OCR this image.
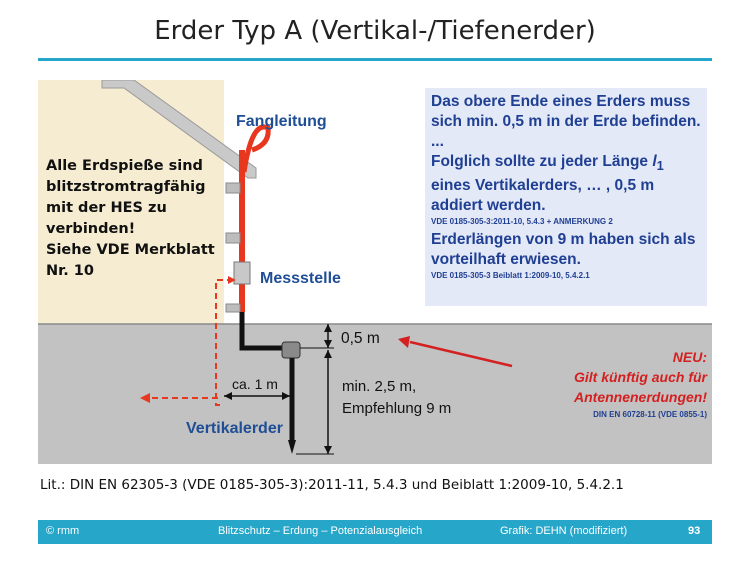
Erder Typ A (Vertikal-/Tiefenerder)
Fangleitung
Messstelle
Vertikalerder
Alle Erdspieße sind
blitzstromtragfähig
mit der HES zu
verbinden!
Siehe VDE Merkblatt
Nr. 10
Das obere Ende eines Erders muss sich min. 0,5 m in der Erde befinden. ...
Folglich sollte zu jeder Länge $l_1$ eines Vertikalerders, … , 0,5 m addiert werden.
VDE 0185-305-3:2011-10, 5.4.3 + ANMERKUNG 2
Erderlängen von 9 m haben sich als vorteilhaft erwiesen.
VDE 0185-305-3 Beiblatt 1:2009-10, 5.4.2.1
0,5 m
ca. 1 m	min. 2,5 m,
Empfehlung 9 m
NEU:
Gilt künftig auch für
Antennenerdungen!
DIN EN 60728-11 (VDE 0855-1)
Lit.: DIN EN 62305-3 (VDE 0185-305-3):2011-11, 5.4.3 und Beiblatt 1:2009-10, 5.4.2.1
© rmm	Blitzschutz – Erdung – Potenzialausgleich	Grafik: DEHN (modifiziert)	93
